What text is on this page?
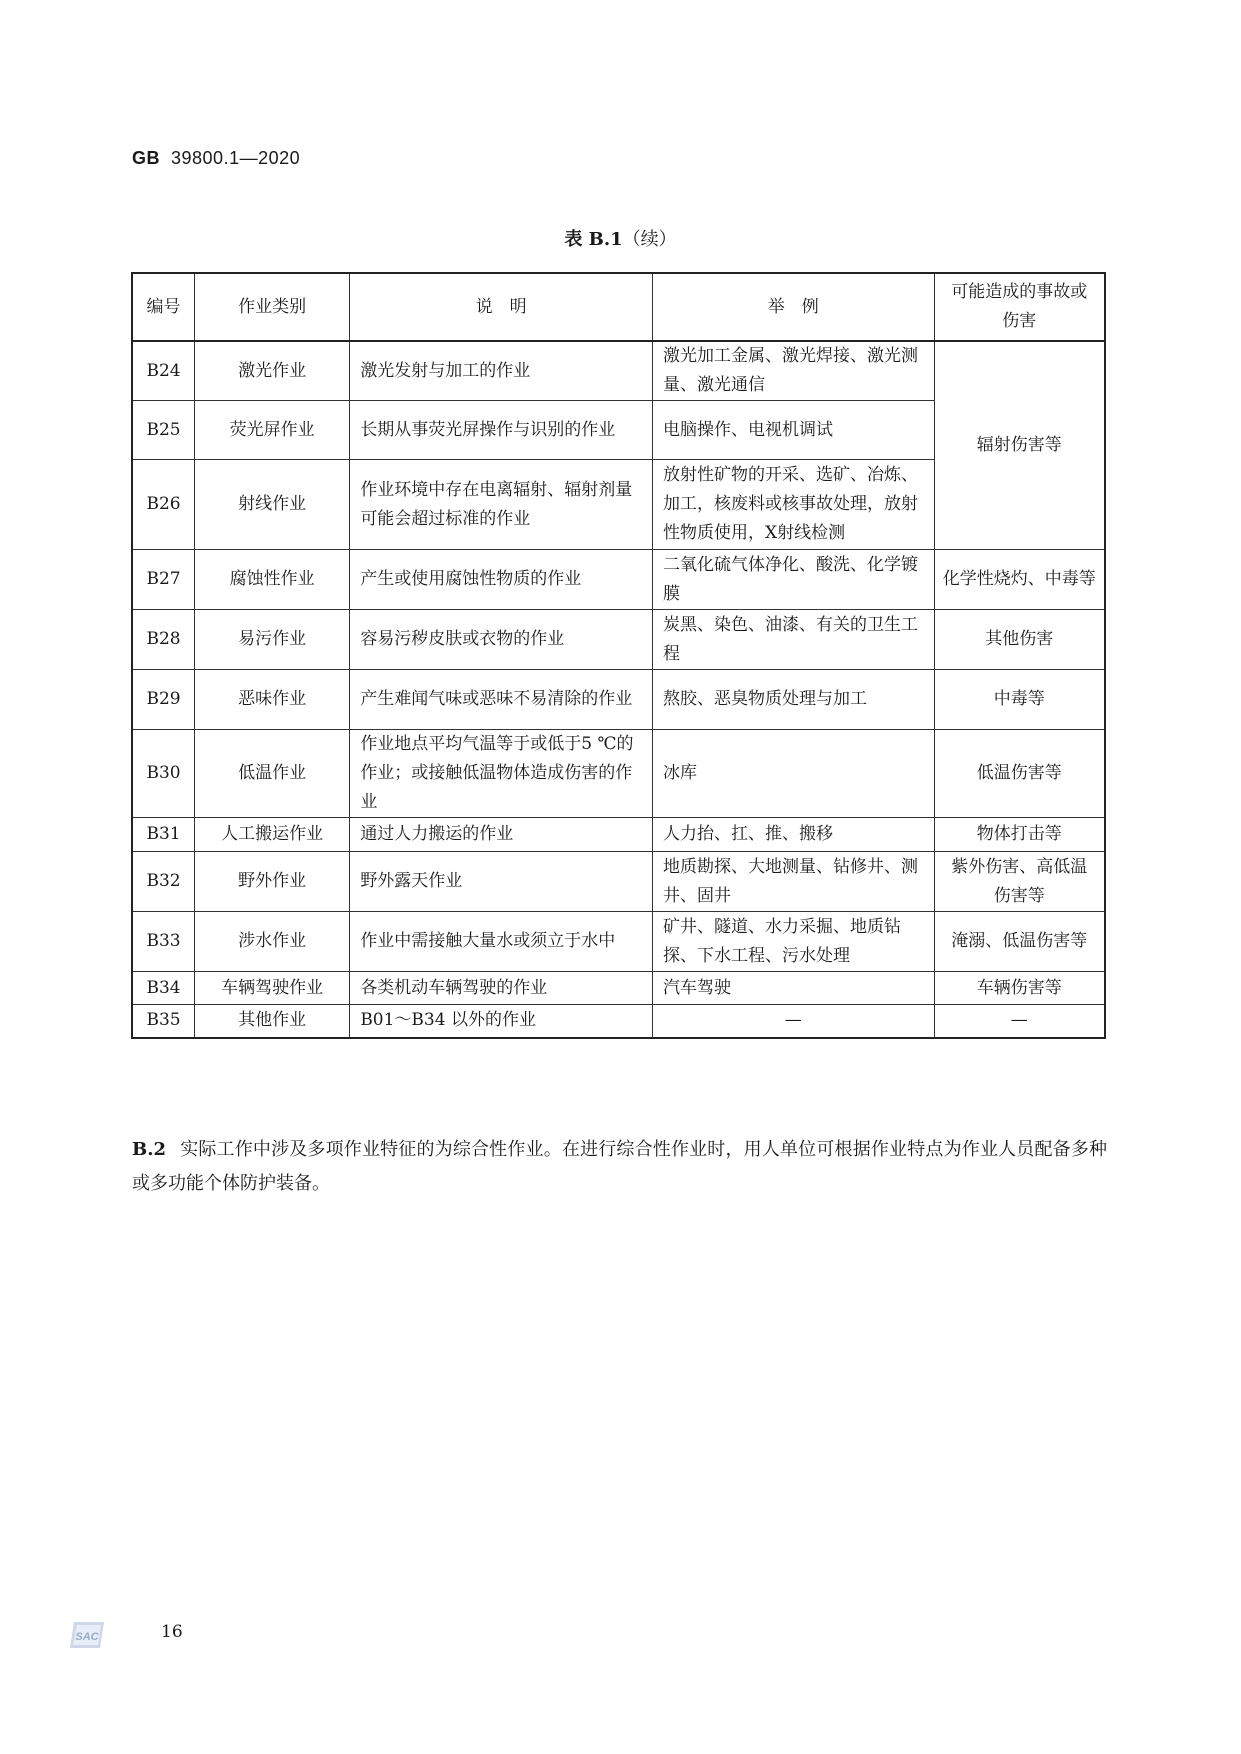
GB 39800.1—2020
表 B.1（续）
编号	作业类别	说　明	举　例	可能造成的事故或伤害
B24	激光作业	激光发射与加工的作业	激光加工金属、激光焊接、激光测量、激光通信	辐射伤害等
B25	荧光屏作业	长期从事荧光屏操作与识别的作业	电脑操作、电视机调试	
B26	射线作业	作业环境中存在电离辐射、辐射剂量可能会超过标准的作业	放射性矿物的开采、选矿、冶炼、加工，核废料或核事故处理，放射性物质使用，X射线检测	
B27	腐蚀性作业	产生或使用腐蚀性物质的作业	二氧化硫气体净化、酸洗、化学镀膜	化学性烧灼、中毒等
B28	易污作业	容易污秽皮肤或衣物的作业	炭黑、染色、油漆、有关的卫生工程	其他伤害
B29	恶味作业	产生难闻气味或恶味不易清除的作业	熬胶、恶臭物质处理与加工	中毒等
B30	低温作业	作业地点平均气温等于或低于5 ℃的作业；或接触低温物体造成伤害的作业	冰库	低温伤害等
B31	人工搬运作业	通过人力搬运的作业	人力抬、扛、推、搬移	物体打击等
B32	野外作业	野外露天作业	地质勘探、大地测量、钻修井、测井、固井	紫外伤害、高低温伤害等
B33	涉水作业	作业中需接触大量水或须立于水中	矿井、隧道、水力采掘、地质钻探、下水工程、污水处理	淹溺、低温伤害等
B34	车辆驾驶作业	各类机动车辆驾驶的作业	汽车驾驶	车辆伤害等
B35	其他作业	B01～B34 以外的作业	—	—
B.2 实际工作中涉及多项作业特征的为综合性作业。在进行综合性作业时，用人单位可根据作业特点为作业人员配备多种或多功能个体防护装备。
SAC	16
